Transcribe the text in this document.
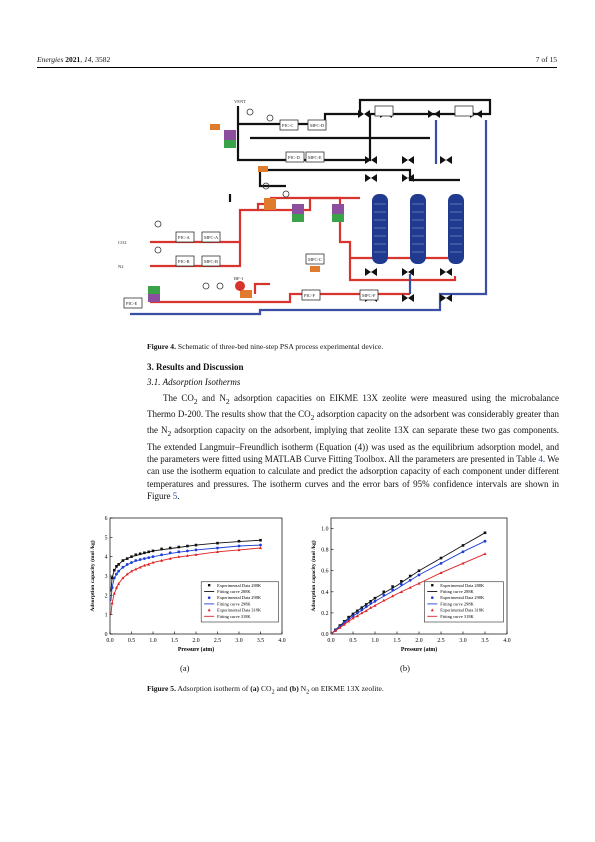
Energies 2021, 14, 3582	7 of 15
VENT
CO2
N2
PIC-A	MFC-A
PIC-B	MFC-B
PIC-C	MFC-D
PIC-D MFC-E
MFC-C
PIC-E
PIC-F	MFC-F
BF-1
Figure 4. Schematic of three-bed nine-step PSA process experimental device.
3. Results and Discussion
3.1. Adsorption Isotherms
The $CO_2$ and $N_2$ adsorption capacities on EIKME 13X zeolite were measured using the microbalance Thermo D-200. The results show that the $CO_2$ adsorption capacity on the adsorbent was considerably greater than the $N_2$ adsorption capacity on the adsorbent, implying that zeolite 13X can separate these two gas components. The extended Langmuir–Freundlich isotherm (Equation (4)) was used as the equilibrium adsorption model, and the parameters were fitted using MATLAB Curve Fitting Toolbox. All the parameters are presented in Table 4. We can use the isotherm equation to calculate and predict the adsorption capacity of each component under different temperatures and pressures. The isotherm curves and the error bars of 95% confidence intervals are shown in Figure 5.
0.0 0.5 1.0 1.5 2.0 2.5 3.0 3.5 4.0
0
1
2
3
4
5
6
Pressure (atm)
Adsorption capacity (mol /kg)	Experimental Data 288K
Fitting curve 288K
Experimental Data 298K
Fitting curve 298K
Experimental Data 318K
Fitting curve 318K
0.0	0.5	1.0	1.5	2.0	2.5	3.0	3.5	4.0
0.0
0.2
0.4
0.6
0.8
1.0
Pressure (atm)
Adsorption capacity (mol /kg)	Experimental Data 288K
Fitting curve 288K
Experimental Data 298K
Fitting curve 298K
Experimental Data 318K
Fitting curve 318K
(a)	(b)
Figure 5. Adsorption isotherm of (a) $CO_2$ and (b) $N_2$ on EIKME 13X zeolite.
